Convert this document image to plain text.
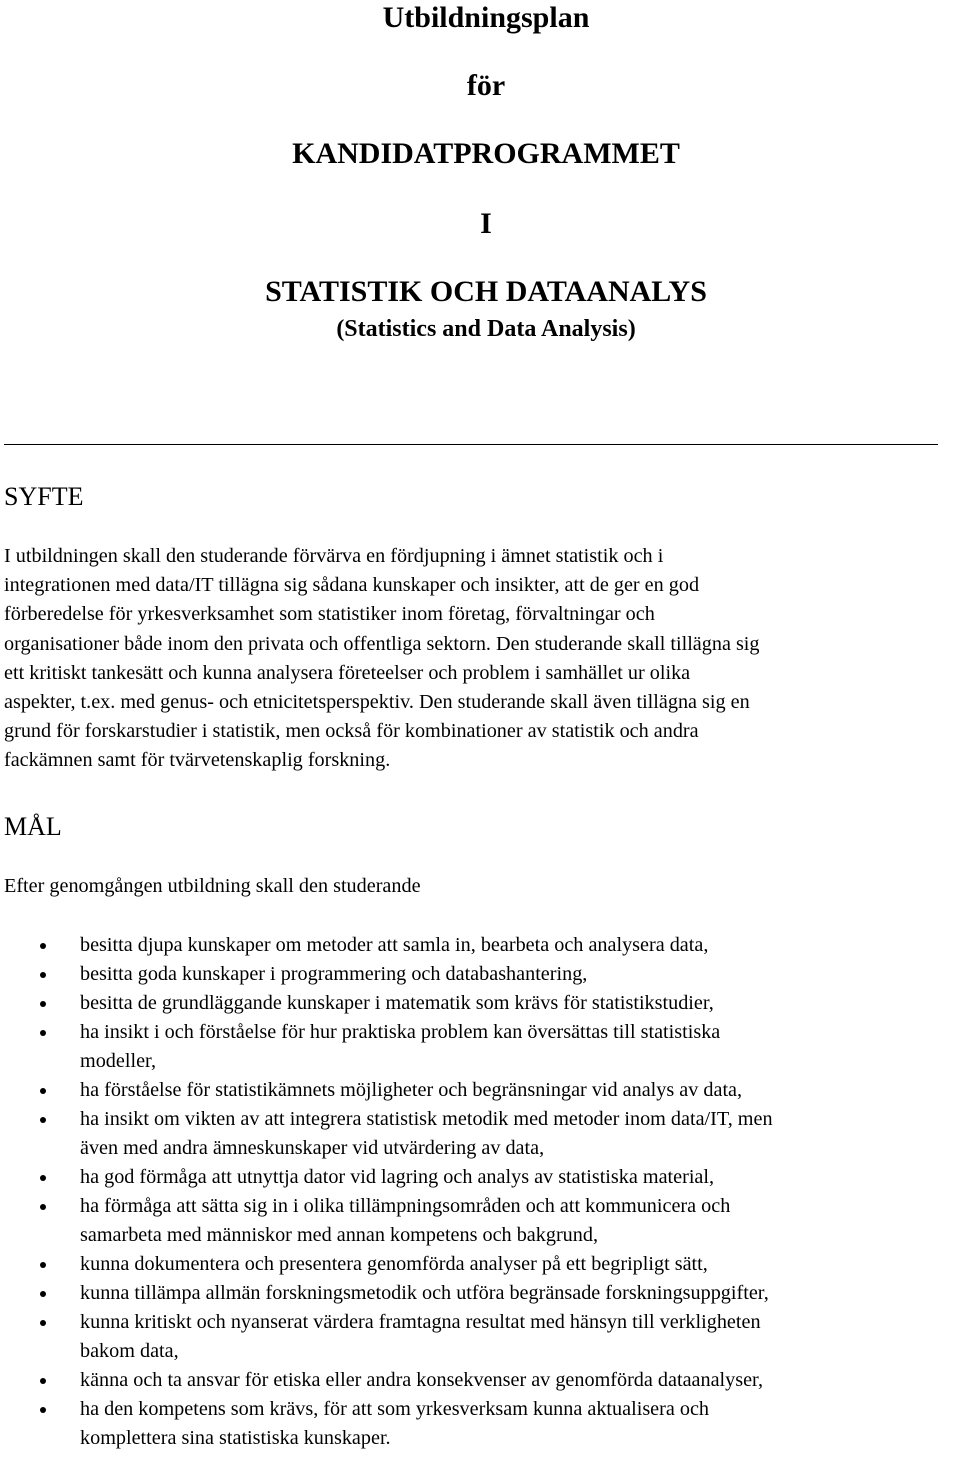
Utbildningsplan
för
KANDIDATPROGRAMMET
I
STATISTIK OCH DATAANALYS
(Statistics and Data Analysis)
SYFTE
I utbildningen skall den studerande förvärva en fördjupning i ämnet statistik och i
integrationen med data/IT tillägna sig sådana kunskaper och insikter, att de ger en god
förberedelse för yrkesverksamhet som statistiker inom företag, förvaltningar och
organisationer både inom den privata och offentliga sektorn. Den studerande skall tillägna sig
ett kritiskt tankesätt och kunna analysera företeelser och problem i samhället ur olika
aspekter, t.ex. med genus- och etnicitetsperspektiv. Den studerande skall även tillägna sig en
grund för forskarstudier i statistik, men också för kombinationer av statistik och andra
fackämnen samt för tvärvetenskaplig forskning.
MÅL
Efter genomgången utbildning skall den studerande
besitta djupa kunskaper om metoder att samla in, bearbeta och analysera data,
besitta goda kunskaper i programmering och databashantering,
besitta de grundläggande kunskaper i matematik som krävs för statistikstudier,
ha insikt i och förståelse för hur praktiska problem kan översättas till statistiska
modeller,
ha förståelse för statistikämnets möjligheter och begränsningar vid analys av data,
ha insikt om vikten av att integrera statistisk metodik med metoder inom data/IT, men
även med andra ämneskunskaper vid utvärdering av data,
ha god förmåga att utnyttja dator vid lagring och analys av statistiska material,
ha förmåga att sätta sig in i olika tillämpningsområden och att kommunicera och
samarbeta med människor med annan kompetens och bakgrund,
kunna dokumentera och presentera genomförda analyser på ett begripligt sätt,
kunna tillämpa allmän forskningsmetodik och utföra begränsade forskningsuppgifter,
kunna kritiskt och nyanserat värdera framtagna resultat med hänsyn till verkligheten
bakom data,
känna och ta ansvar för etiska eller andra konsekvenser av genomförda dataanalyser,
ha den kompetens som krävs, för att som yrkesverksam kunna aktualisera och
komplettera sina statistiska kunskaper.
